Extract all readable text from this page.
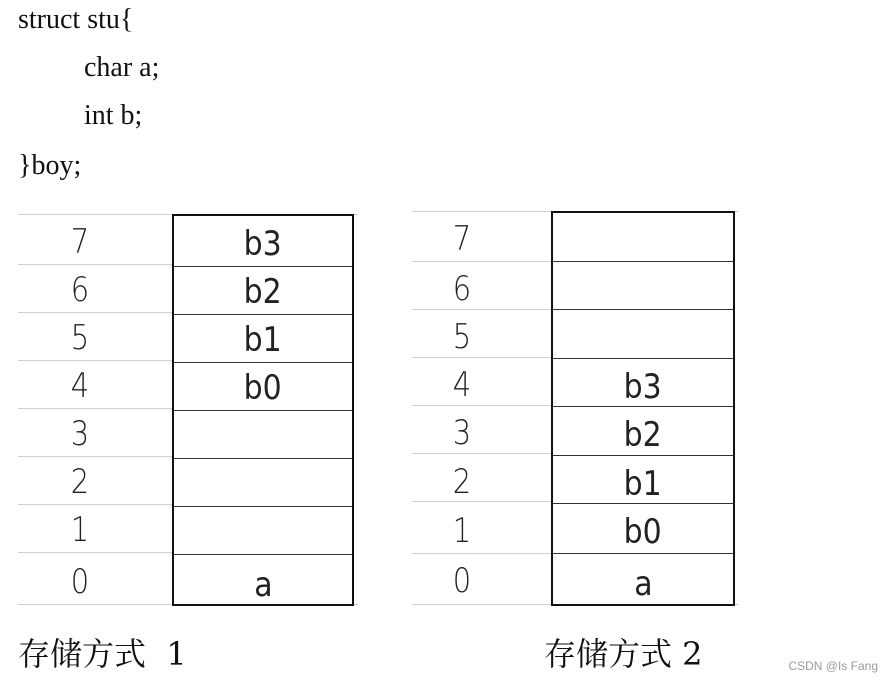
struct stu{
char a;
int b;
}boy;
7
6
5
4
3
2
1
0
b3
b2
b1
b0
a
7
6
5
4
3
2
1
0
b3
b2
b1
b0
a
存储方式  1	存储方式 2	CSDN @Is Fang
